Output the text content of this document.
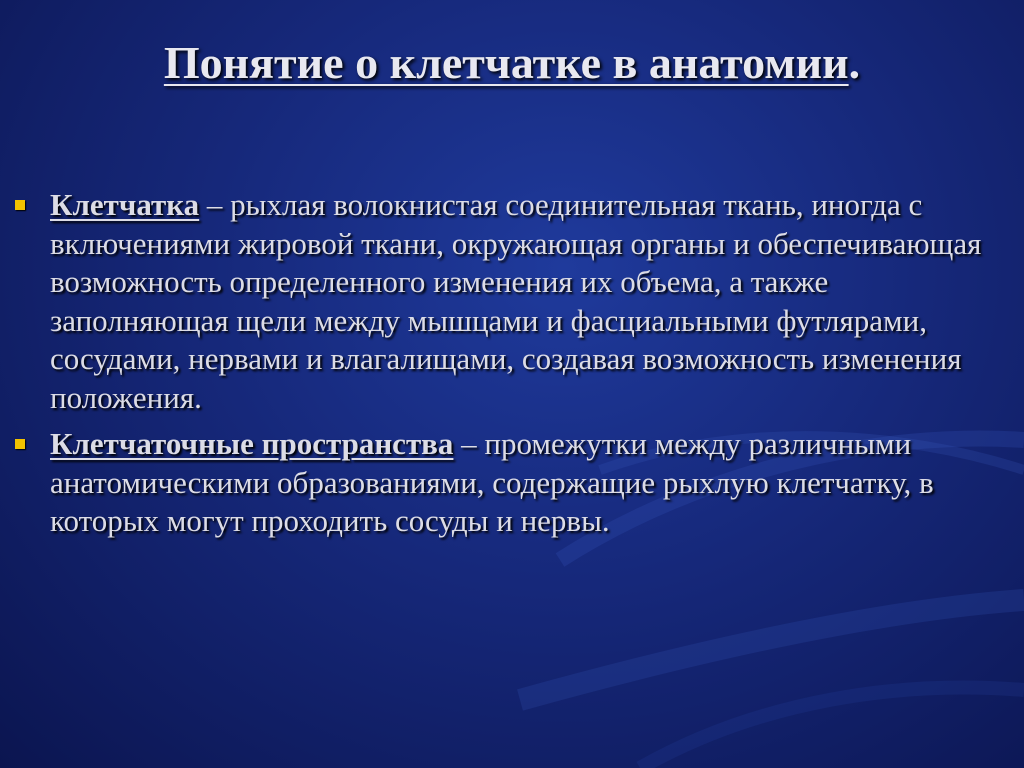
Понятие о клетчатке в анатомии.
Клетчатка – рыхлая волокнистая соединительная ткань, иногда с включениями жировой ткани, окружающая органы и обеспечивающая возможность определенного изменения их объема, а также заполняющая щели между мышцами и фасциальными футлярами, сосудами, нервами и влагалищами, создавая возможность изменения положения.
Клетчаточные пространства – промежутки между различными анатомическими образованиями, содержащие рыхлую клетчатку, в которых могут проходить сосуды и нервы.
